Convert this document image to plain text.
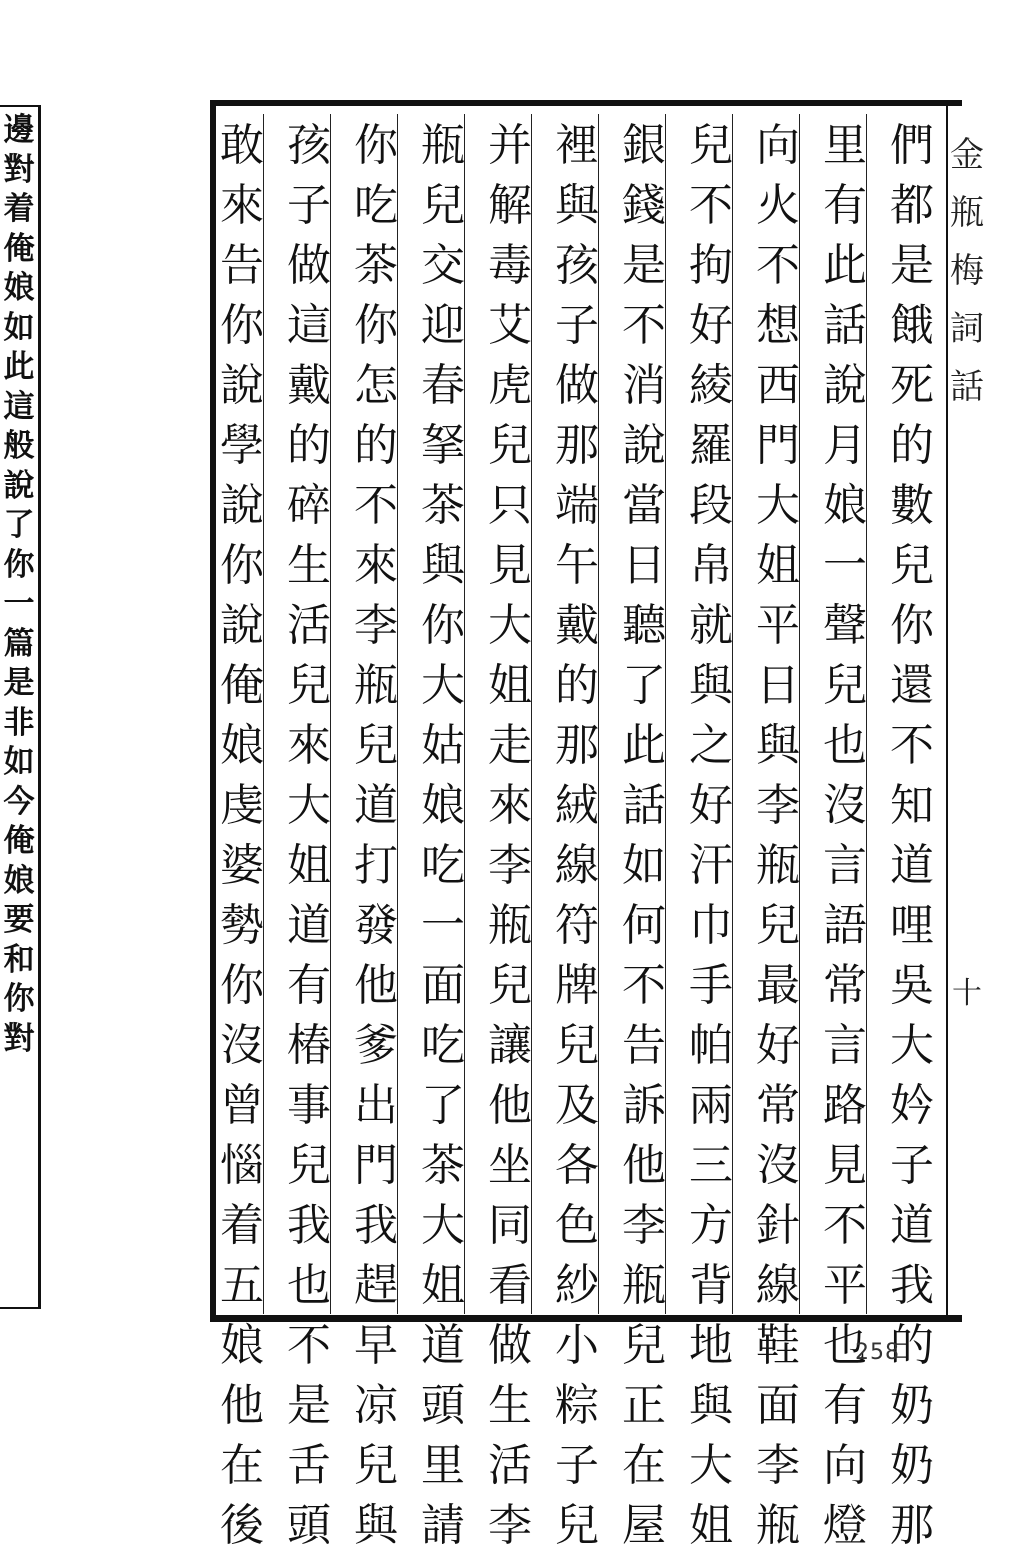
邊對着俺娘如此這般說了你一篇是非如今俺娘要和你對
們都是餓死的數兒你還不知道哩吳大妗子道我的奶奶那
里有此話說月娘一聲兒也沒言語常言路見不平也有向燈
向火不想西門大姐平日與李瓶兒最好常沒針線鞋面李瓶
兒不拘好綾羅段帛就與之好汗巾手帕兩三方背地與大姐
銀錢是不消說當日聽了此話如何不告訴他李瓶兒正在屋
裡與孩子做那端午戴的那絨線符牌兒及各色紗小粽子兒
并解毒艾虎兒只見大姐走來李瓶兒讓他坐同看做生活李
瓶兒交迎春拏茶與你大姑娘吃一面吃了茶大姐道頭里請
你吃茶你怎的不來李瓶兒道打發他爹出門我趕早凉兒與
孩子做這戴的碎生活兒來大姐道有椿事兒我也不是舌頭
敢來告你說學說你說俺娘虔婆勢你沒曾惱着五娘他在後
金瓶梅詞話
十
258
